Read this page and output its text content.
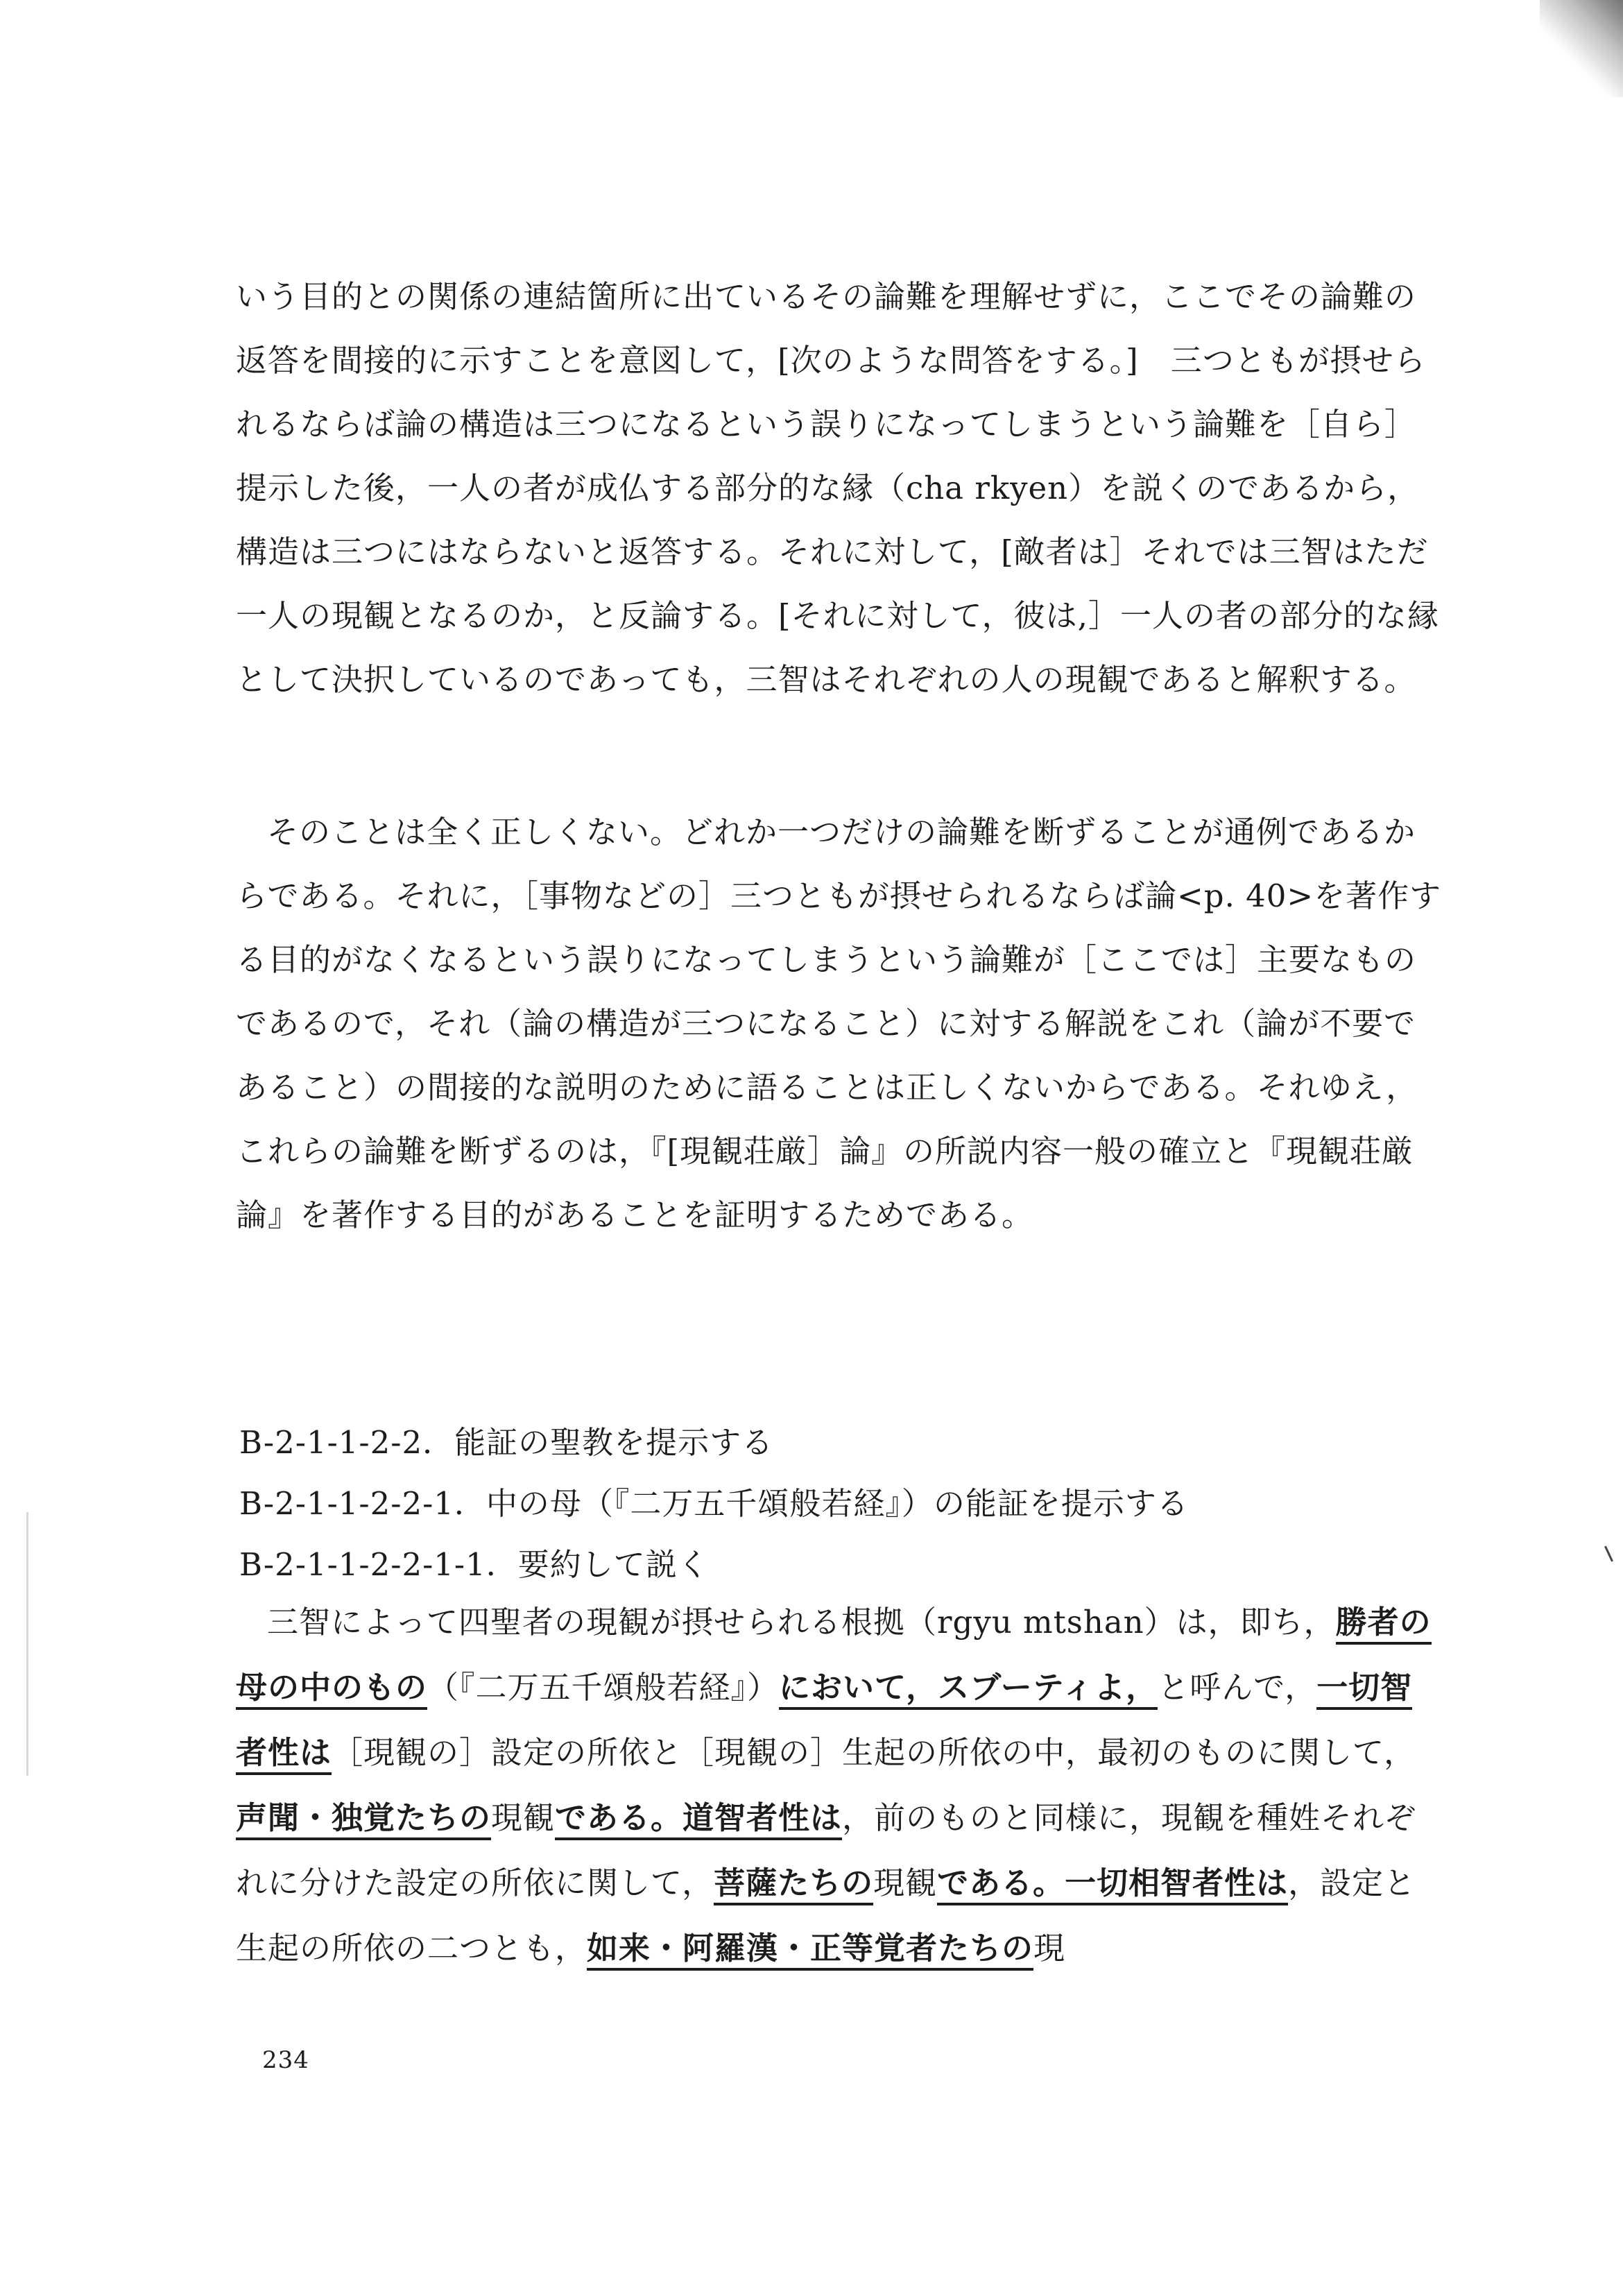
いう目的との関係の連結箇所に出ているその論難を理解せずに，ここでその論難の返答を間接的に示すことを意図して，[次のような問答をする。]　三つともが摂せられるならば論の構造は三つになるという誤りになってしまうという論難を［自ら］提示した後，一人の者が成仏する部分的な縁（cha rkyen）を説くのであるから，構造は三つにはならないと返答する。それに対して，[敵者は］それでは三智はただ一人の現観となるのか，と反論する。[それに対して，彼は,］一人の者の部分的な縁として決択しているのであっても，三智はそれぞれの人の現観であると解釈する。

そのことは全く正しくない。どれか一つだけの論難を断ずることが通例であるからである。それに，［事物などの］三つともが摂せられるならば論<p. 40>を著作する目的がなくなるという誤りになってしまうという論難が［ここでは］主要なものであるので，それ（論の構造が三つになること）に対する解説をこれ（論が不要であること）の間接的な説明のために語ることは正しくないからである。それゆえ，これらの論難を断ずるのは，『[現観荘厳］論』の所説内容一般の確立と『現観荘厳論』を著作する目的があることを証明するためである。

B-2-1-1-2-2．能証の聖教を提示する
B-2-1-1-2-2-1．中の母（『二万五千頌般若経』）の能証を提示する
B-2-1-1-2-2-1-1．要約して説く

三智によって四聖者の現観が摂せられる根拠（rgyu mtshan）は，即ち，勝者の母の中のもの（『二万五千頌般若経』）において，スブーティよ，と呼んで，一切智者性は［現観の］設定の所依と［現観の］生起の所依の中，最初のものに関して，声聞・独覚たちの現観である。道智者性は，前のものと同様に，現観を種姓それぞれに分けた設定の所依に関して，菩薩たちの現観である。一切相智者性は，設定と生起の所依の二つとも，如来・阿羅漢・正等覚者たちの現

234
